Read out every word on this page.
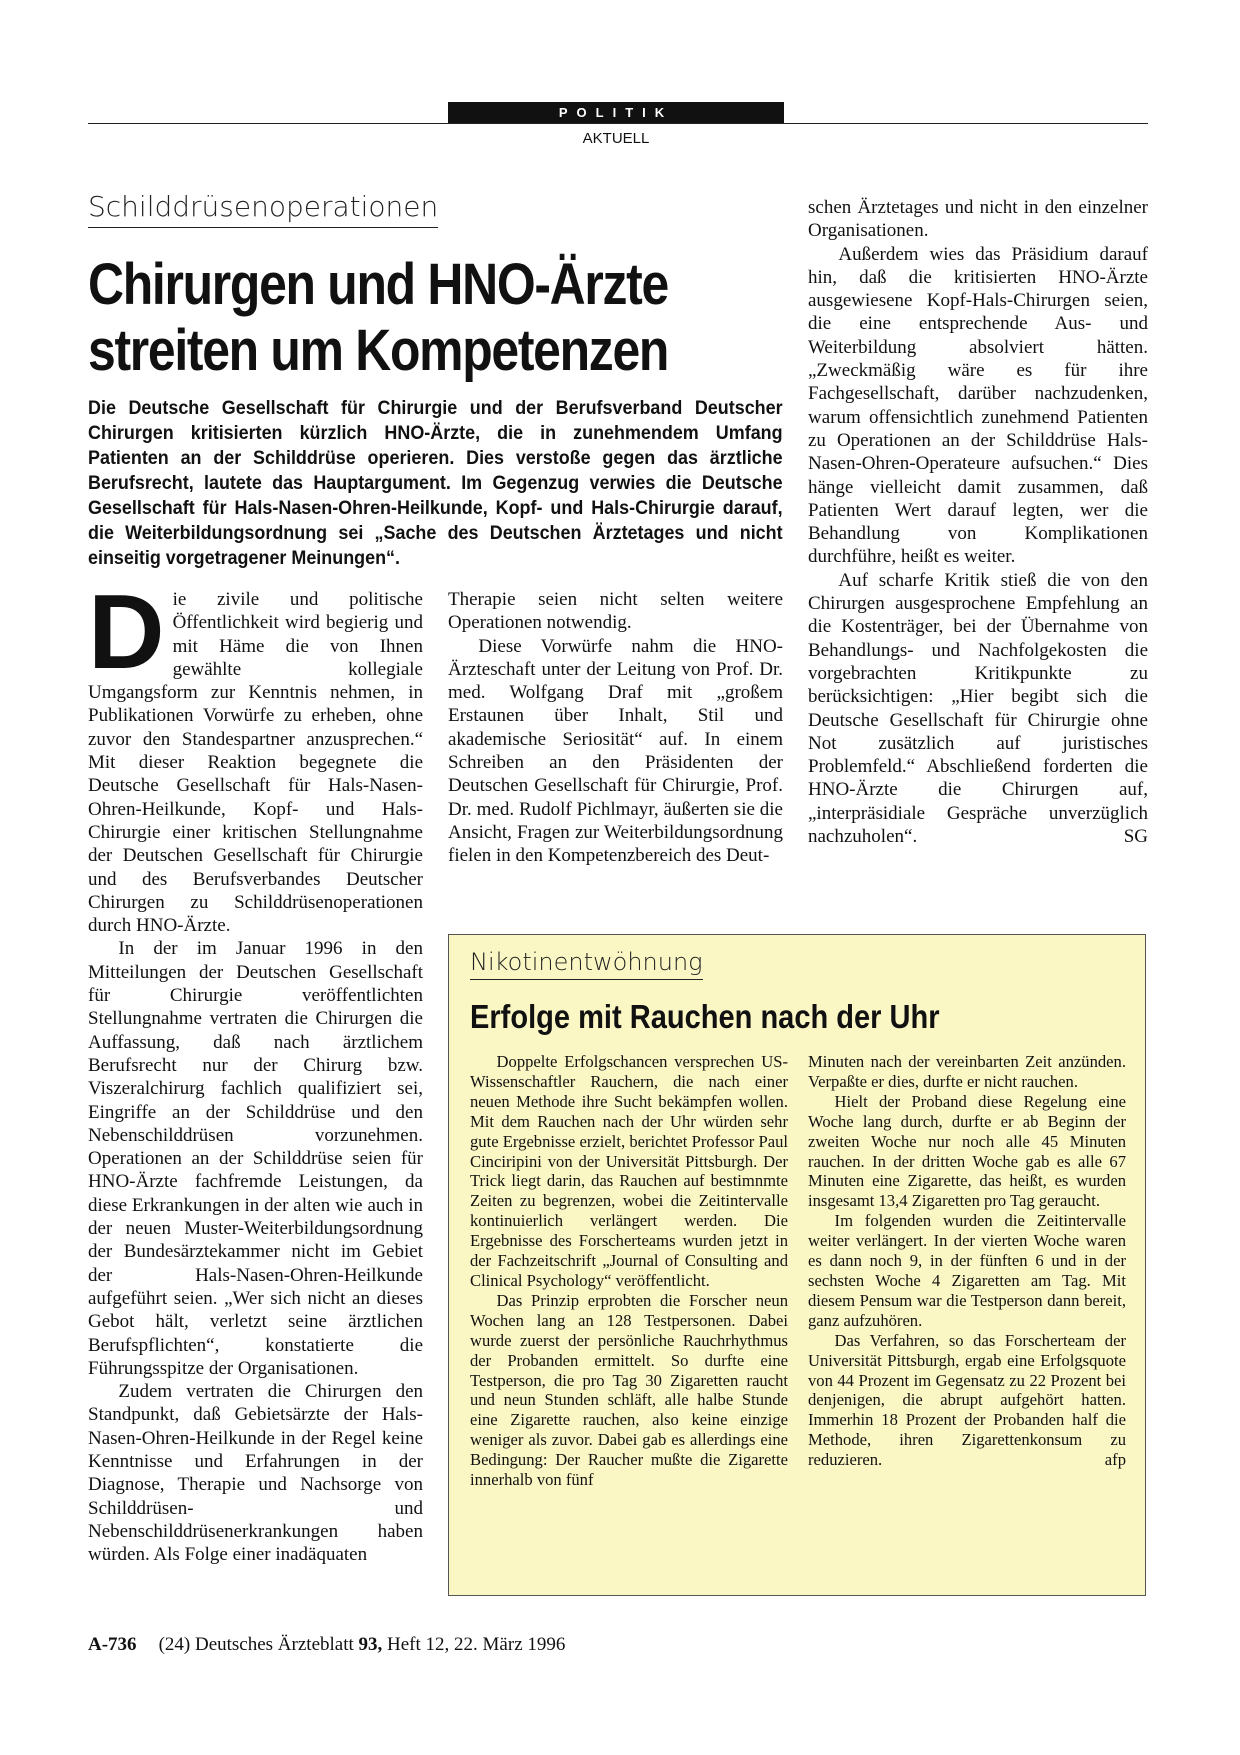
POLITIK
AKTUELL
Schilddrüsenoperationen
Chirurgen und HNO-Ärzte
streiten um Kompetenzen
Die Deutsche Gesellschaft für Chirurgie und der Berufsverband Deutscher Chirurgen kritisierten kürzlich HNO-Ärzte, die in zunehmendem Umfang Patienten an der Schilddrüse operieren. Dies verstoße gegen das ärztliche Berufsrecht, lautete das Hauptargument. Im Gegenzug verwies die Deutsche Gesellschaft für Hals-Nasen-Ohren-Heilkunde, Kopf- und Hals-Chirurgie darauf, die Weiterbildungsordnung sei „Sache des Deutschen Ärztetages und nicht einseitig vorgetragener Meinungen“.

Die zivile und politische Öffentlichkeit wird begierig und mit Häme die von Ihnen gewählte kollegiale Umgangsform zur Kenntnis nehmen, in Publikationen Vorwürfe zu erheben, ohne zuvor den Standespartner anzusprechen.“ Mit dieser Reaktion begegnete die Deutsche Gesellschaft für Hals-Nasen-Ohren-Heilkunde, Kopf- und Hals-Chirurgie einer kritischen Stellungnahme der Deutschen Gesellschaft für Chirurgie und des Berufsverbandes Deutscher Chirurgen zu Schilddrüsenoperationen durch HNO-Ärzte.

In der im Januar 1996 in den Mitteilungen der Deutschen Gesellschaft für Chirurgie veröffentlichten Stellungnahme vertraten die Chirurgen die Auffassung, daß nach ärztlichem Berufsrecht nur der Chirurg bzw. Viszeralchirurg fachlich qualifiziert sei, Eingriffe an der Schilddrüse und den Nebenschilddrüsen vorzunehmen. Operationen an der Schilddrüse seien für HNO-Ärzte fachfremde Leistungen, da diese Erkrankungen in der alten wie auch in der neuen Muster-Weiterbildungsordnung der Bundesärztekammer nicht im Gebiet der Hals-Nasen-Ohren-Heilkunde aufgeführt seien. „Wer sich nicht an dieses Gebot hält, verletzt seine ärztlichen Berufspflichten“, konstatierte die Führungsspitze der Organisationen.

Zudem vertraten die Chirurgen den Standpunkt, daß Gebietsärzte der Hals-Nasen-Ohren-Heilkunde in der Regel keine Kenntnisse und Erfahrungen in der Diagnose, Therapie und Nachsorge von Schilddrüsen- und Nebenschilddrüsenerkrankungen haben würden. Als Folge einer inadäquaten

Therapie seien nicht selten weitere Operationen notwendig.

Diese Vorwürfe nahm die HNO-Ärzteschaft unter der Leitung von Prof. Dr. med. Wolfgang Draf mit „großem Erstaunen über Inhalt, Stil und akademische Seriosität“ auf. In einem Schreiben an den Präsidenten der Deutschen Gesellschaft für Chirurgie, Prof. Dr. med. Rudolf Pichlmayr, äußerten sie die Ansicht, Fragen zur Weiterbildungsordnung fielen in den Kompetenzbereich des Deut-

schen Ärztetages und nicht in den einzelner Organisationen.

Außerdem wies das Präsidium darauf hin, daß die kritisierten HNO-Ärzte ausgewiesene Kopf-Hals-Chirurgen seien, die eine entsprechende Aus- und Weiterbildung absolviert hätten. „Zweckmäßig wäre es für ihre Fachgesellschaft, darüber nachzudenken, warum offensichtlich zunehmend Patienten zu Operationen an der Schilddrüse Hals-Nasen-Ohren-Operateure aufsuchen.“ Dies hänge vielleicht damit zusammen, daß Patienten Wert darauf legten, wer die Behandlung von Komplikationen durchführe, heißt es weiter.

Auf scharfe Kritik stieß die von den Chirurgen ausgesprochene Empfehlung an die Kostenträger, bei der Übernahme von Behandlungs- und Nachfolgekosten die vorgebrachten Kritikpunkte zu berücksichtigen: „Hier begibt sich die Deutsche Gesellschaft für Chirurgie ohne Not zusätzlich auf juristisches Problemfeld.“ Abschließend forderten die HNO-Ärzte die Chirurgen auf, „interpräsidiale Gespräche unverzüglich nachzuholen“.	SG

Nikotinentwöhnung
Erfolge mit Rauchen nach der Uhr

Doppelte Erfolgschancen versprechen US-Wissenschaftler Rauchern, die nach einer neuen Methode ihre Sucht bekämpfen wollen. Mit dem Rauchen nach der Uhr würden sehr gute Ergebnisse erzielt, berichtet Professor Paul Cinciripini von der Universität Pittsburgh. Der Trick liegt darin, das Rauchen auf bestimnmte Zeiten zu begrenzen, wobei die Zeitintervalle kontinuierlich verlängert werden. Die Ergebnisse des Forscherteams wurden jetzt in der Fachzeitschrift „Journal of Consulting and Clinical Psychology“ veröffentlicht.

Das Prinzip erprobten die Forscher neun Wochen lang an 128 Testpersonen. Dabei wurde zuerst der persönliche Rauchrhythmus der Probanden ermittelt. So durfte eine Testperson, die pro Tag 30 Zigaretten raucht und neun Stunden schläft, alle halbe Stunde eine Zigarette rauchen, also keine einzige weniger als zuvor. Dabei gab es allerdings eine Bedingung: Der Raucher mußte die Zigarette innerhalb von fünf

Minuten nach der vereinbarten Zeit anzünden. Verpaßte er dies, durfte er nicht rauchen.

Hielt der Proband diese Regelung eine Woche lang durch, durfte er ab Beginn der zweiten Woche nur noch alle 45 Minuten rauchen. In der dritten Woche gab es alle 67 Minuten eine Zigarette, das heißt, es wurden insgesamt 13,4 Zigaretten pro Tag geraucht.

Im folgenden wurden die Zeitintervalle weiter verlängert. In der vierten Woche waren es dann noch 9, in der fünften 6 und in der sechsten Woche 4 Zigaretten am Tag. Mit diesem Pensum war die Testperson dann bereit, ganz aufzuhören.

Das Verfahren, so das Forscherteam der Universität Pittsburgh, ergab eine Erfolgsquote von 44 Prozent im Gegensatz zu 22 Prozent bei denjenigen, die abrupt aufgehört hatten. Immerhin 18 Prozent der Probanden half die Methode, ihren Zigarettenkonsum zu reduzieren.	afp

A-736 (24) Deutsches Ärzteblatt 93, Heft 12, 22. März 1996
